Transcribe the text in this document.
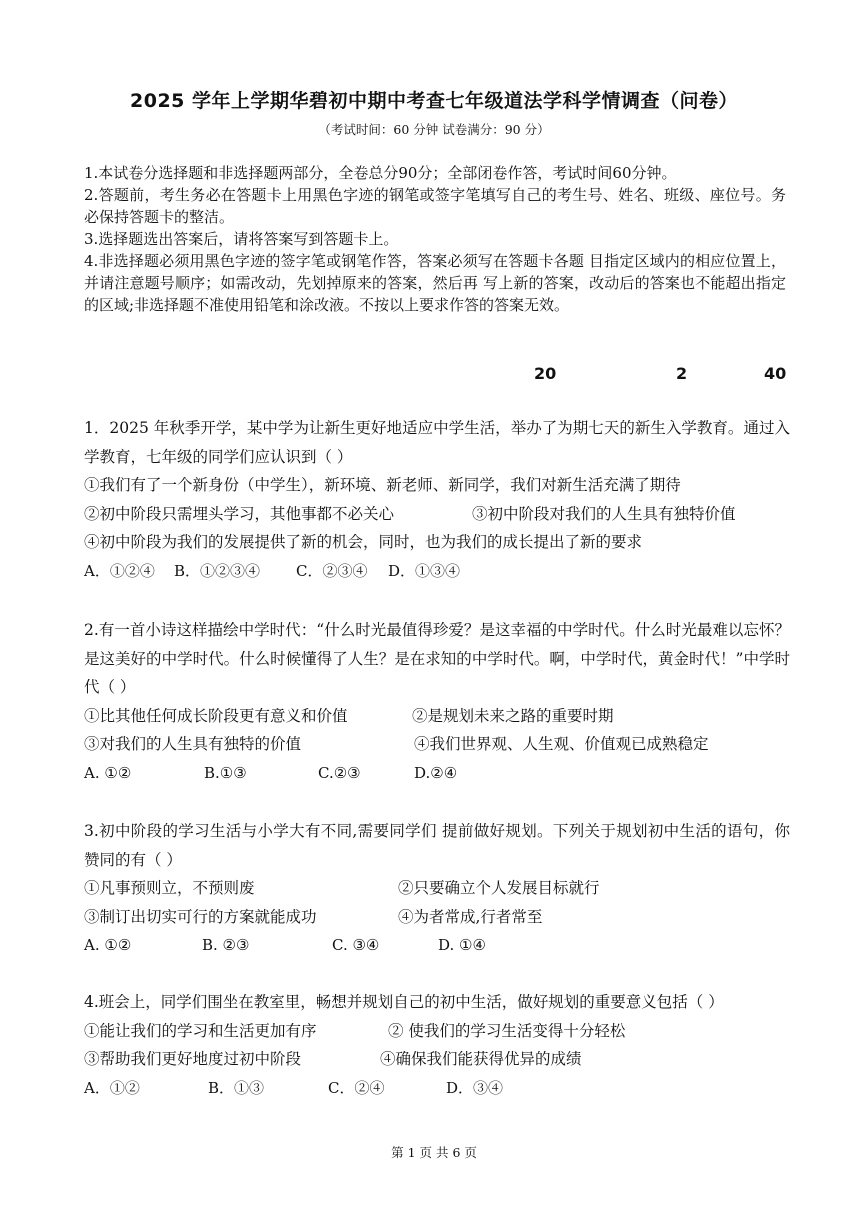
2025 学年上学期华碧初中期中考查七年级道法学科学情调查（问卷）
（考试时间：60 分钟 试卷满分：90 分）

1.本试卷分选择题和非选择题两部分，全卷总分90分；全部闭卷作答，考试时间60分钟。

2.答题前，考生务必在答题卡上用黑色字迹的钢笔或签字笔填写自己的考生号、姓名、班级、座位号。务必保持答题卡的整洁。

3.选择题选出答案后，请将答案写到答题卡上。

4.非选择题必须用黑色字迹的签字笔或钢笔作答，答案必须写在答题卡各题 目指定区域内的相应位置上，并请注意题号顺序；如需改动，先划掉原来的答案，然后再 写上新的答案，改动后的答案也不能超出指定的区域;非选择题不准使用铅笔和涂改液。不按以上要求作答的答案无效。

20	2	40

1．2025 年秋季开学，某中学为让新生更好地适应中学生活，举办了为期七天的新生入学教育。通过入学教育，七年级的同学们应认识到（ ）

①我们有了一个新身份（中学生），新环境、新老师、新同学，我们对新生活充满了期待
②初中阶段只需埋头学习，其他事都不必关心	③初中阶段对我们的人生具有独特价值
④初中阶段为我们的发展提供了新的机会，同时，也为我们的成长提出了新的要求
A．①②④ B．①②③④ C．②③④ D．①③④

2.有一首小诗这样描绘中学时代：“什么时光最值得珍爱？是这幸福的中学时代。什么时光最难以忘怀？是这美好的中学时代。什么时候懂得了人生？是在求知的中学时代。啊，中学时代，黄金时代！”中学时代（ ）

①比其他任何成长阶段更有意义和价值	②是规划未来之路的重要时期
③对我们的人生具有独特的价值	④我们世界观、人生观、价值观已成熟稳定
A. ①②	B.①③	C.②③	D.②④

3.初中阶段的学习生活与小学大有不同,需要同学们 提前做好规划。下列关于规划初中生活的语句，你赞同的有（ ）

①凡事预则立，不预则废	②只要确立个人发展目标就行
③制订出切实可行的方案就能成功	④为者常成,行者常至
A. ①②	B. ②③	C. ③④	D. ①④

4.班会上，同学们围坐在教室里，畅想并规划自己的初中生活，做好规划的重要意义包括（ ）

①能让我们的学习和生活更加有序	② 使我们的学习生活变得十分轻松
③帮助我们更好地度过初中阶段	④确保我们能获得优异的成绩
A．①②	B．①③	C．②④	D．③④
第 1 页 共 6 页
